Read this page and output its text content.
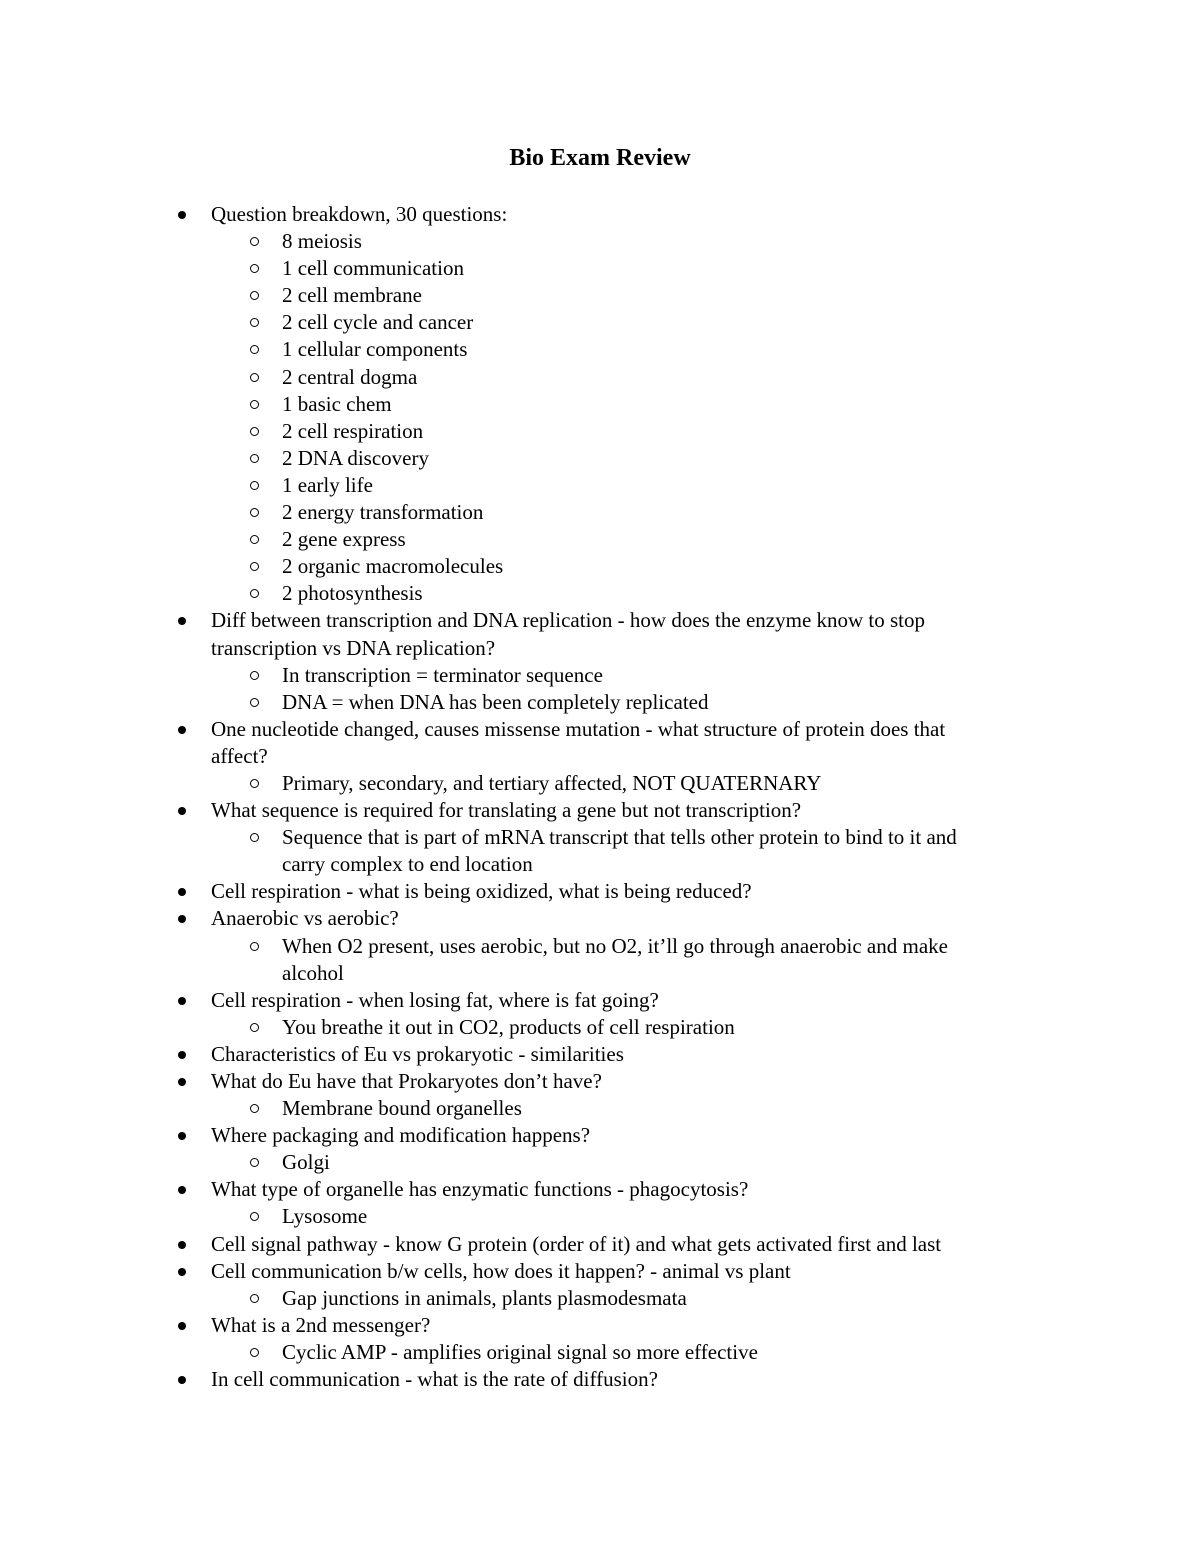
Bio Exam Review
Question breakdown, 30 questions:
8 meiosis
1 cell communication
2 cell membrane
2 cell cycle and cancer
1 cellular components
2 central dogma
1 basic chem
2 cell respiration
2 DNA discovery
1 early life
2 energy transformation
2 gene express
2 organic macromolecules
2 photosynthesis
Diff between transcription and DNA replication - how does the enzyme know to stop
transcription vs DNA replication?
In transcription = terminator sequence
DNA = when DNA has been completely replicated
One nucleotide changed, causes missense mutation - what structure of protein does that
affect?
Primary, secondary, and tertiary affected, NOT QUATERNARY
What sequence is required for translating a gene but not transcription?
Sequence that is part of mRNA transcript that tells other protein to bind to it and
carry complex to end location
Cell respiration - what is being oxidized, what is being reduced?
Anaerobic vs aerobic?
When O2 present, uses aerobic, but no O2, it’ll go through anaerobic and make
alcohol
Cell respiration - when losing fat, where is fat going?
You breathe it out in CO2, products of cell respiration
Characteristics of Eu vs prokaryotic - similarities
What do Eu have that Prokaryotes don’t have?
Membrane bound organelles
Where packaging and modification happens?
Golgi
What type of organelle has enzymatic functions - phagocytosis?
Lysosome
Cell signal pathway - know G protein (order of it) and what gets activated first and last
Cell communication b/w cells, how does it happen? - animal vs plant
Gap junctions in animals, plants plasmodesmata
What is a 2nd messenger?
Cyclic AMP - amplifies original signal so more effective
In cell communication - what is the rate of diffusion?
